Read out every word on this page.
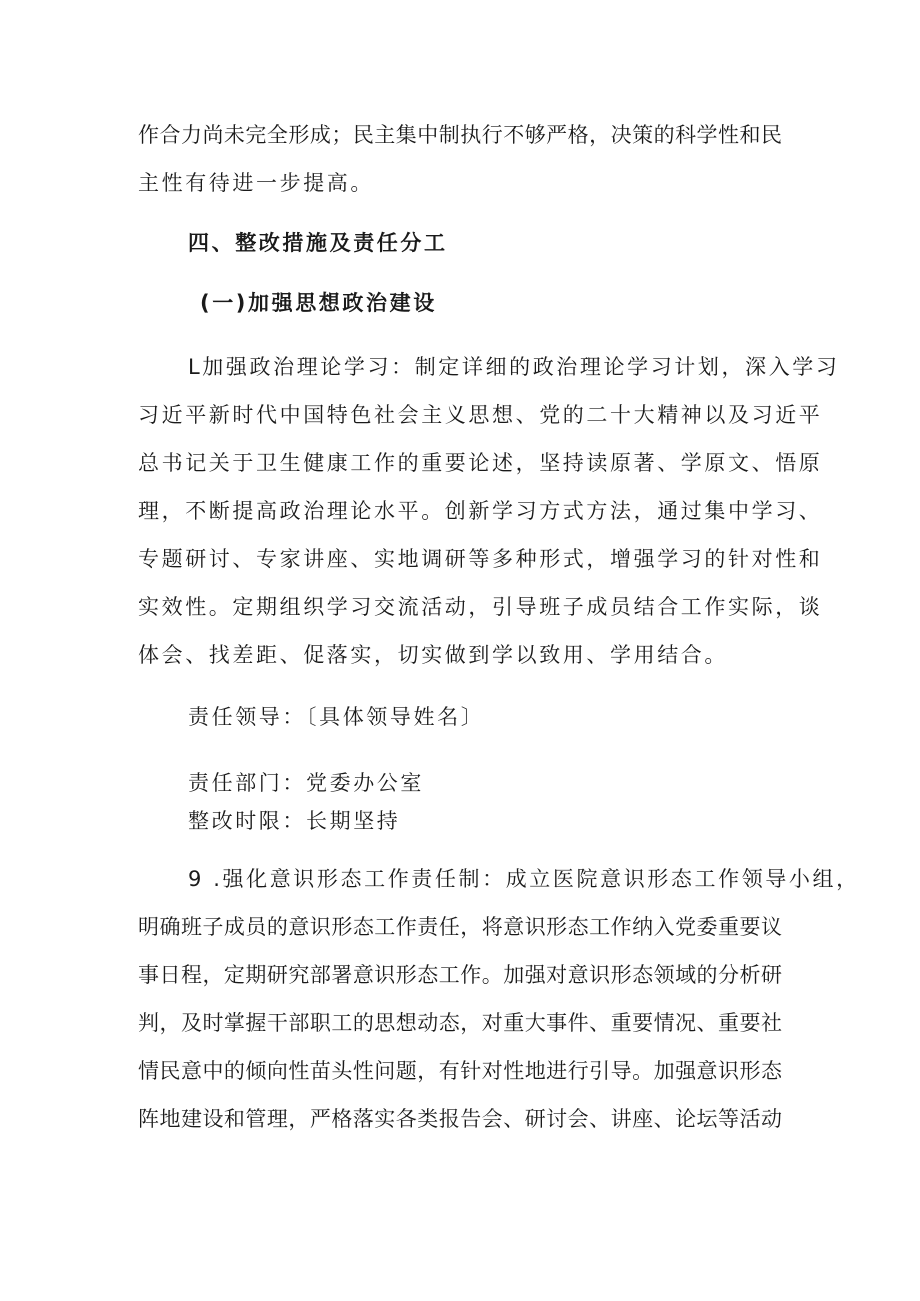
作合力尚未完全形成；民主集中制执行不够严格，决策的科学性和民
主性有待进一步提高。
四、整改措施及责任分工
(一)加强思想政治建设
L加强政治理论学习：制定详细的政治理论学习计划，深入学习
习近平新时代中国特色社会主义思想、党的二十大精神以及习近平
总书记关于卫生健康工作的重要论述，坚持读原著、学原文、悟原
理，不断提高政治理论水平。创新学习方式方法，通过集中学习、
专题研讨、专家讲座、实地调研等多种形式，增强学习的针对性和
实效性。定期组织学习交流活动，引导班子成员结合工作实际，谈
体会、找差距、促落实，切实做到学以致用、学用结合。
责任领导：〔具体领导姓名〕
责任部门：党委办公室
整改时限：长期坚持
9 .强化意识形态工作责任制：成立医院意识形态工作领导小组，
明确班子成员的意识形态工作责任，将意识形态工作纳入党委重要议
事日程，定期研究部署意识形态工作。加强对意识形态领域的分析研
判，及时掌握干部职工的思想动态，对重大事件、重要情况、重要社
情民意中的倾向性苗头性问题，有针对性地进行引导。加强意识形态
阵地建设和管理，严格落实各类报告会、研讨会、讲座、论坛等活动
